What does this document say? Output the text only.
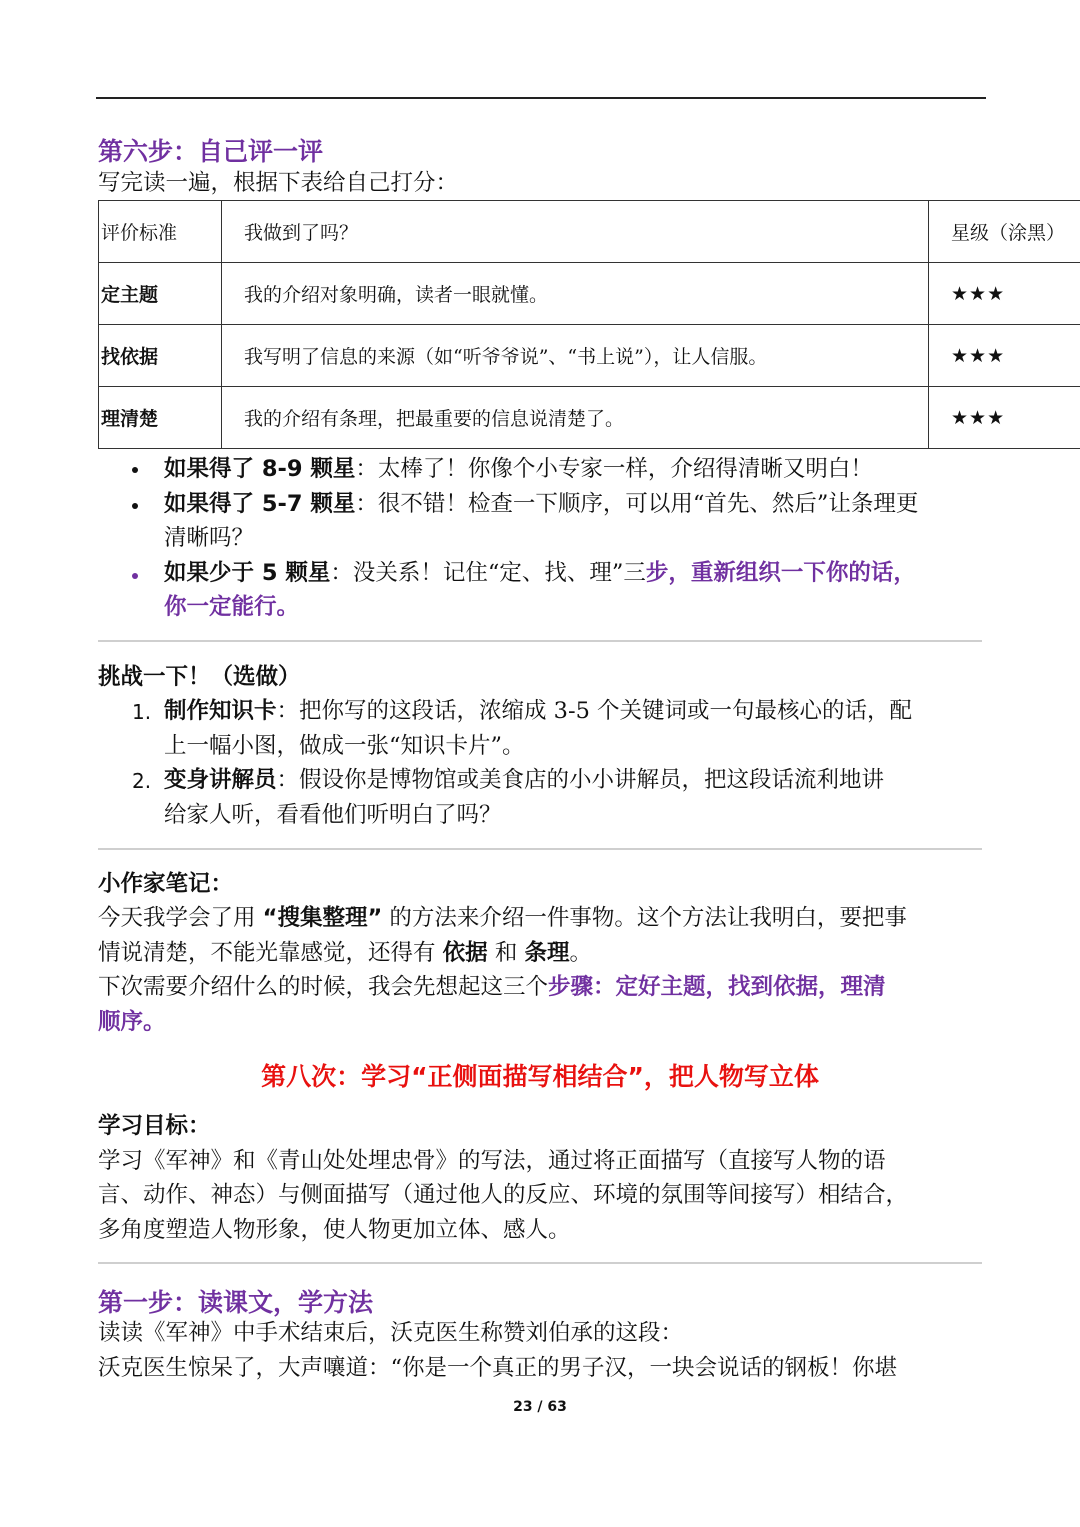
第六步：自己评一评
写完读一遍，根据下表给自己打分：
评价标准	我做到了吗？	星级（涂黑）
定主题	我的介绍对象明确，读者一眼就懂。	★★★
找依据	我写明了信息的来源（如“听爷爷说”、“书上说”），让人信服。	★★★
理清楚	我的介绍有条理，把最重要的信息说清楚了。	★★★
如果得了 8-9 颗星：太棒了！你像个小专家一样，介绍得清晰又明白！
如果得了 5-7 颗星：很不错！检查一下顺序，可以用“首先、然后”让条理更
清晰吗？
如果少于 5 颗星：没关系！记住“定、找、理”三步，重新组织一下你的话，
你一定能行。
挑战一下！（选做）
1. 制作知识卡：把你写的这段话，浓缩成 3-5 个关键词或一句最核心的话，配
上一幅小图，做成一张“知识卡片”。
2. 变身讲解员：假设你是博物馆或美食店的小小讲解员，把这段话流利地讲
给家人听，看看他们听明白了吗？
小作家笔记：
今天我学会了用 “搜集整理” 的方法来介绍一件事物。这个方法让我明白，要把事
情说清楚，不能光靠感觉，还得有 依据 和 条理。
下次需要介绍什么的时候，我会先想起这三个步骤：定好主题，找到依据，理清
顺序。
第八次：学习“正侧面描写相结合”，把人物写立体
学习目标：
学习《军神》和《青山处处埋忠骨》的写法，通过将正面描写（直接写人物的语
言、动作、神态）与侧面描写（通过他人的反应、环境的氛围等间接写）相结合，
多角度塑造人物形象，使人物更加立体、感人。
第一步：读课文，学方法
读读《军神》中手术结束后，沃克医生称赞刘伯承的这段：
沃克医生惊呆了，大声嚷道：“你是一个真正的男子汉，一块会说话的钢板！你堪
23 / 63
